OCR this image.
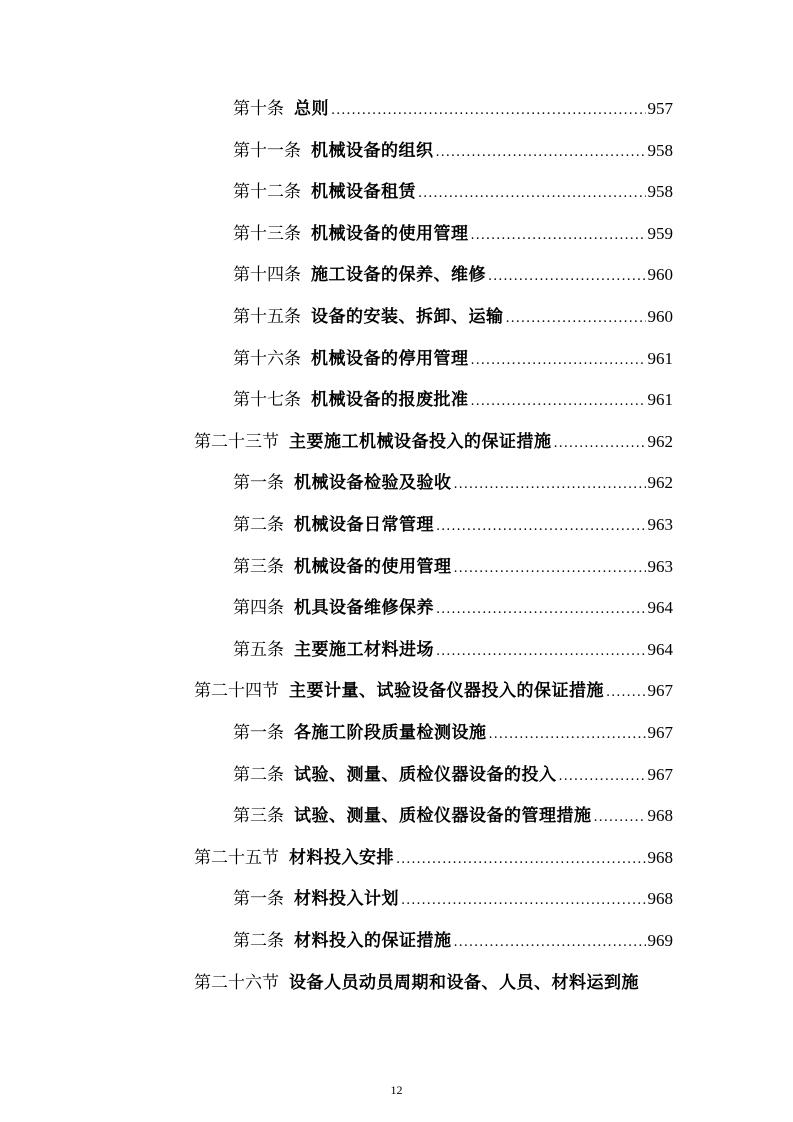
第十条 总则 .....	957
第十一条 机械设备的组织 .....	958
第十二条 机械设备租赁 .....	958
第十三条 机械设备的使用管理 .....	959
第十四条 施工设备的保养、维修 .....	960
第十五条 设备的安装、拆卸、运输 .....	960
第十六条 机械设备的停用管理 .....	961
第十七条 机械设备的报废批准 .....	961
第二十三节 主要施工机械设备投入的保证措施 .....	962
第一条 机械设备检验及验收 .....	962
第二条 机械设备日常管理 .....	963
第三条 机械设备的使用管理 .....	963
第四条 机具设备维修保养 .....	964
第五条 主要施工材料进场 .....	964
第二十四节 主要计量、试验设备仪器投入的保证措施 .....	967
第一条 各施工阶段质量检测设施 .....	967
第二条 试验、测量、质检仪器设备的投入 .....	967
第三条 试验、测量、质检仪器设备的管理措施 .....	968
第二十五节 材料投入安排 .....	968
第一条 材料投入计划 .....	968
第二条 材料投入的保证措施 .....	969
第二十六节 设备人员动员周期和设备、人员、材料运到施
12
